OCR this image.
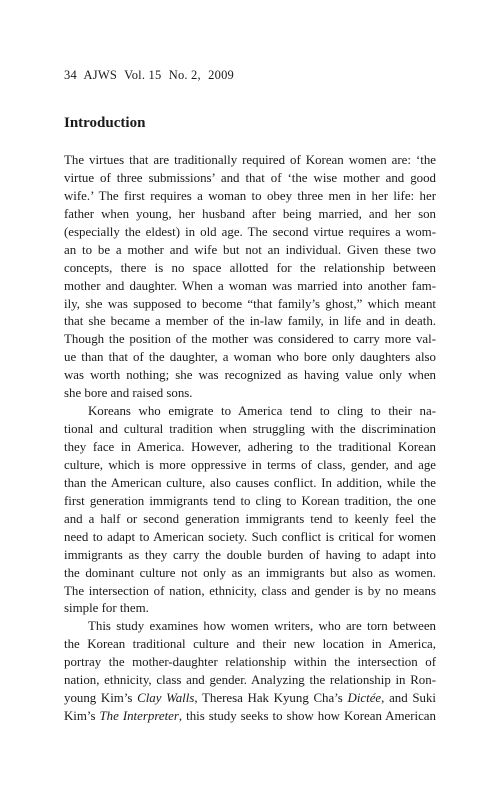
34 AJWS Vol. 15 No. 2, 2009
Introduction
The virtues that are traditionally required of Korean women are: ‘the
virtue of three submissions’ and that of ‘the wise mother and good
wife.’ The first requires a woman to obey three men in her life: her
father when young, her husband after being married, and her son
(especially the eldest) in old age. The second virtue requires a wom-
an to be a mother and wife but not an individual. Given these two
concepts, there is no space allotted for the relationship between
mother and daughter. When a woman was married into another fam-
ily, she was supposed to become “that family’s ghost,” which meant
that she became a member of the in-law family, in life and in death.
Though the position of the mother was considered to carry more val-
ue than that of the daughter, a woman who bore only daughters also
was worth nothing; she was recognized as having value only when
she bore and raised sons.
Koreans who emigrate to America tend to cling to their na-
tional and cultural tradition when struggling with the discrimination
they face in America. However, adhering to the traditional Korean
culture, which is more oppressive in terms of class, gender, and age
than the American culture, also causes conflict. In addition, while the
first generation immigrants tend to cling to Korean tradition, the one
and a half or second generation immigrants tend to keenly feel the
need to adapt to American society. Such conflict is critical for women
immigrants as they carry the double burden of having to adapt into
the dominant culture not only as an immigrants but also as women.
The intersection of nation, ethnicity, class and gender is by no means
simple for them.
This study examines how women writers, who are torn between
the Korean traditional culture and their new location in America,
portray the mother-daughter relationship within the intersection of
nation, ethnicity, class and gender. Analyzing the relationship in Ron-
young Kim’s Clay Walls, Theresa Hak Kyung Cha’s Dictée, and Suki
Kim’s The Interpreter, this study seeks to show how Korean American
